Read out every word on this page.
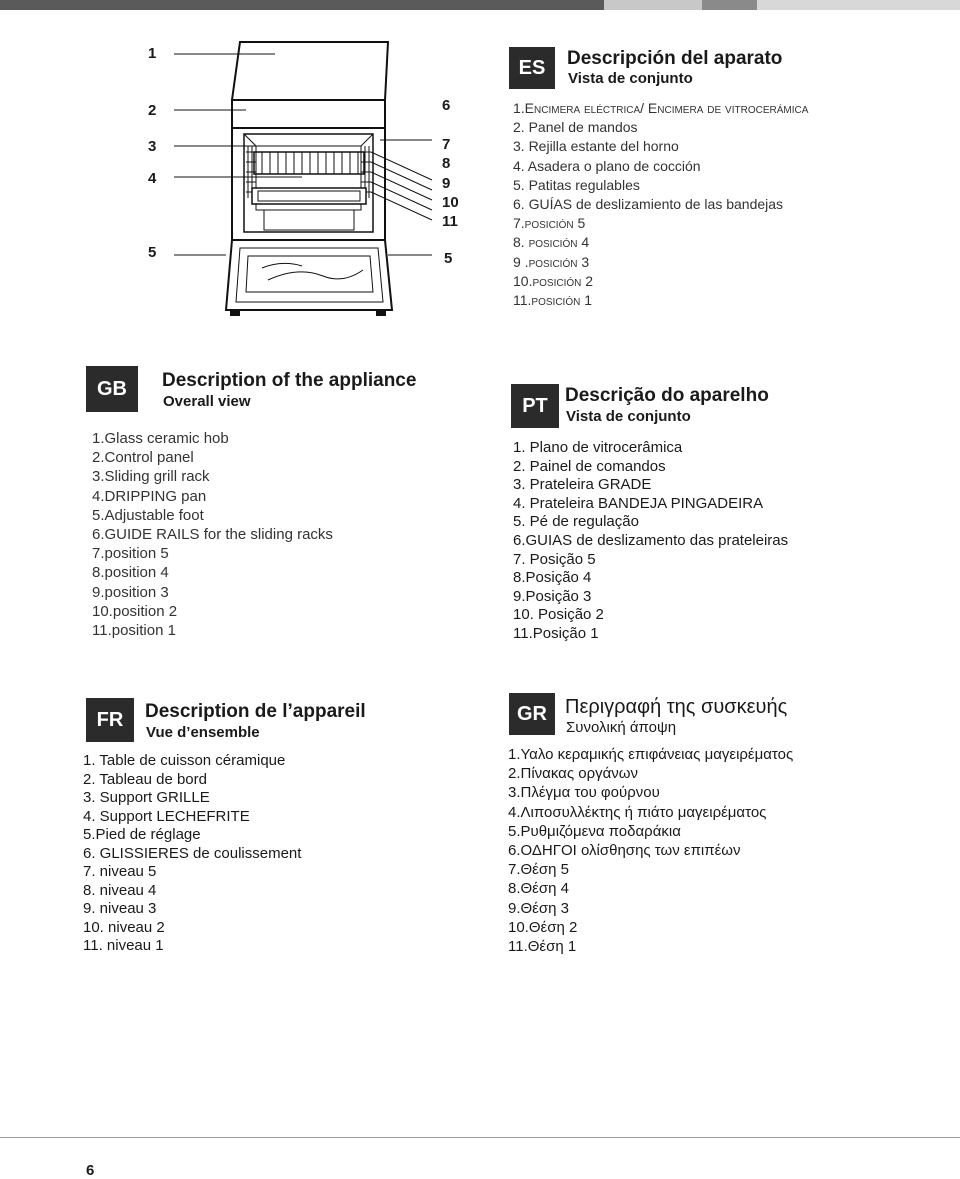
1
2
3
4
5
6
7
8
9
10
11
5
ES	Descripción del aparato
Vista de conjunto
1.Encimera eléctrica/ Encimera de vitrocerámica
2. Panel de mandos
3. Rejilla estante del horno
4. Asadera o plano de cocción
5. Patitas regulables
6. GUÍAS de deslizamiento de las bandejas
7.posición 5
8. posición 4
9 .posición 3
10.posición 2
11.posición 1
GB	Description of the appliance
Overall view
1.Glass ceramic hob
2.Control panel
3.Sliding grill rack
4.DRIPPING pan
5.Adjustable foot
6.GUIDE RAILS for the sliding racks
7.position 5
8.position 4
9.position 3
10.position 2
11.position 1
PT Descrição do aparelho
Vista de conjunto
1. Plano de vitrocerâmica
2. Painel de comandos
3. Prateleira GRADE
4. Prateleira BANDEJA PINGADEIRA
5. Pé de regulação
6.GUIAS de deslizamento das prateleiras
7. Posição 5
8.Posição 4
9.Posição 3
10. Posição 2
11.Posição 1
FR	Description de l’appareil
Vue d’ensemble
1. Table de cuisson céramique
2. Tableau de bord
3. Support GRILLE
4. Support LECHEFRITE
5.Pied de réglage
6. GLISSIERES de coulissement
7. niveau 5
8. niveau 4
9. niveau 3
10. niveau 2
11. niveau 1
GR Περιγραφή της συσκευής
Συνολική άποψη
1.Υαλο κεραμικής επιφάνειας μαγειρέματος
2.Πίνακας οργάνων
3.Πλέγμα του φούρνου
4.Λιποσυλλέκτης ή πιάτο μαγειρέματος
5.Ρυθμιζόμενα ποδαράκια
6.ΟΔΗΓΟΙ ολίσθησης των επιπέων
7.Θέση 5
8.Θέση 4
9.Θέση 3
10.Θέση 2
11.Θέση 1
6
